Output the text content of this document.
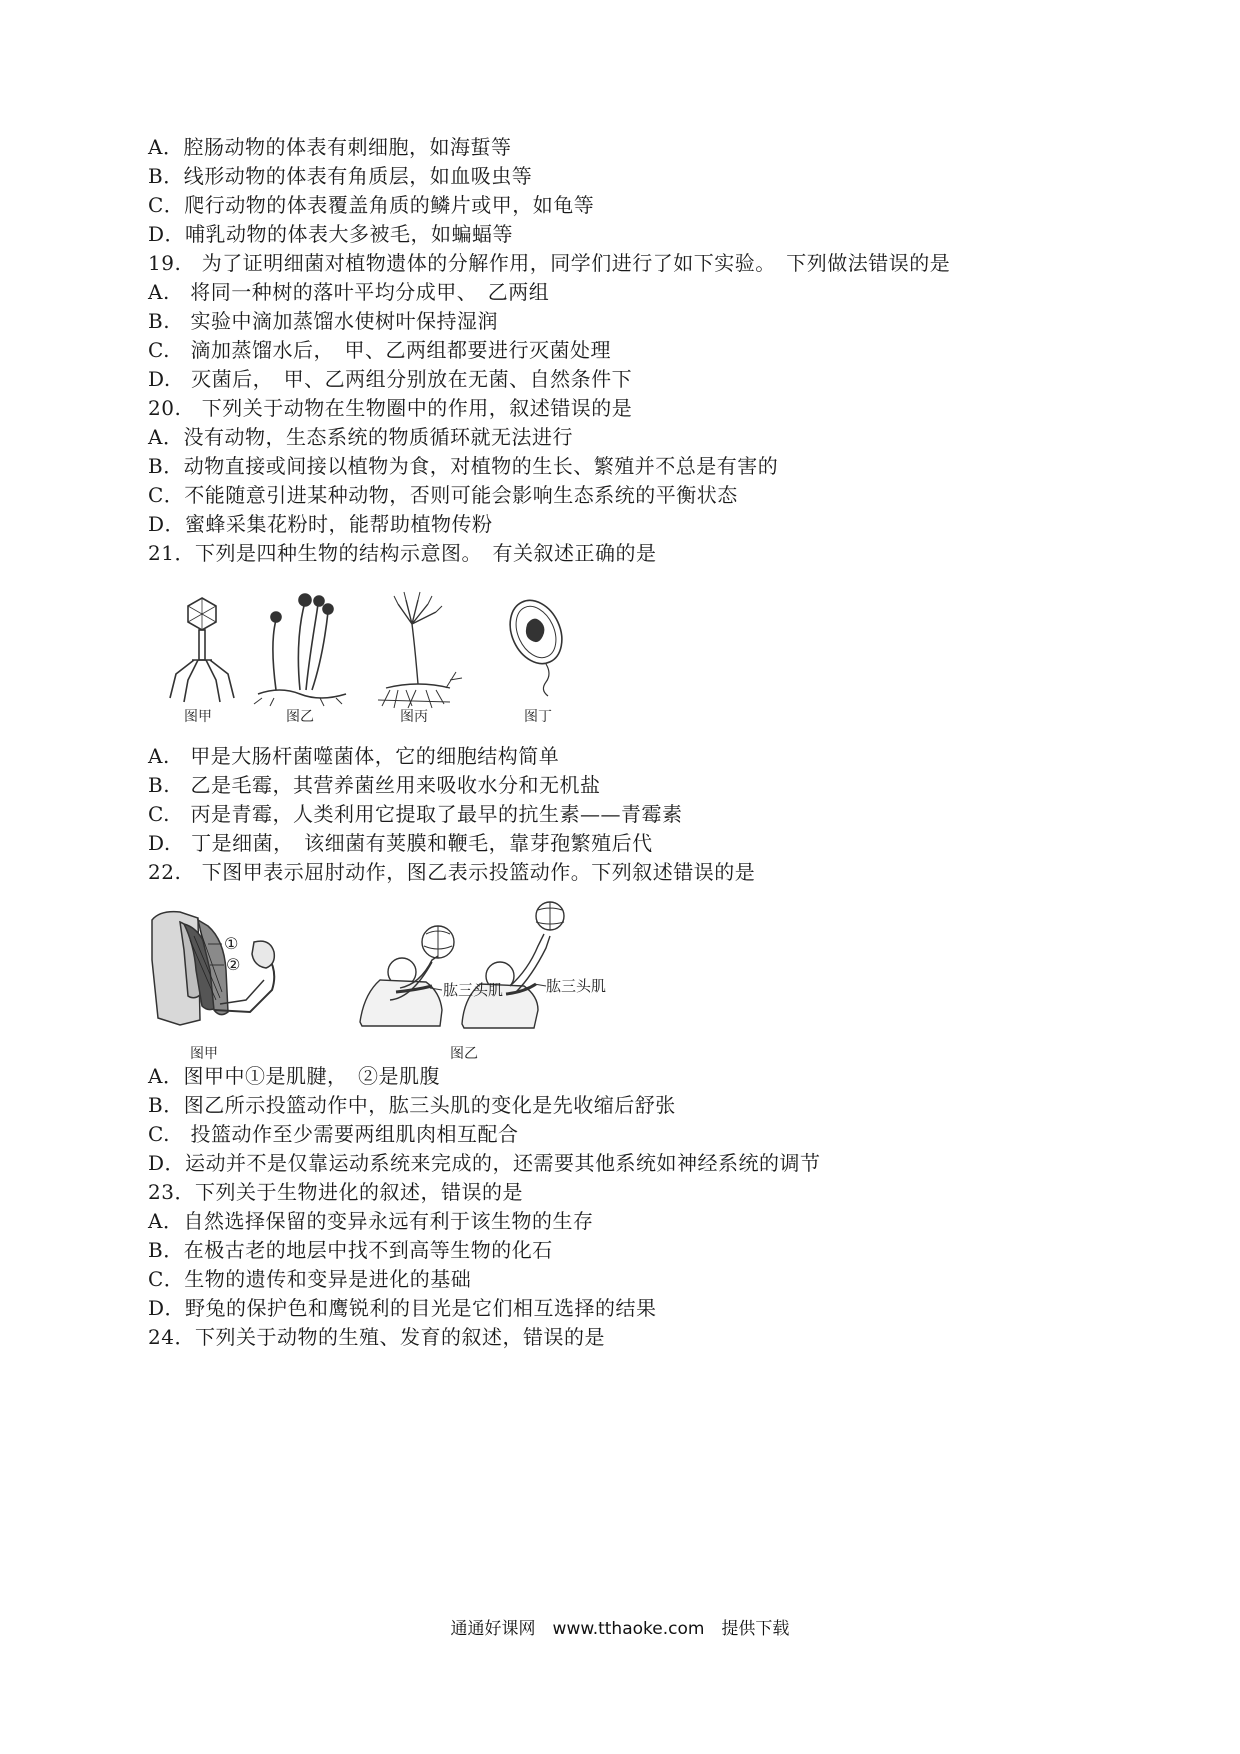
A．腔肠动物的体表有刺细胞，如海蜇等
B．线形动物的体表有角质层，如血吸虫等
C．爬行动物的体表覆盖角质的鳞片或甲，如龟等
D．哺乳动物的体表大多被毛，如蝙蝠等
19.　为了证明细菌对植物遗体的分解作用，同学们进行了如下实验。　下列做法错误的是
A.　将同一种树的落叶平均分成甲、　乙两组
B.　实验中滴加蒸馏水使树叶保持湿润
C.　滴加蒸馏水后，　甲、乙两组都要进行灭菌处理
D.　灭菌后，　甲、乙两组分别放在无菌、自然条件下
20.　下列关于动物在生物圈中的作用，叙述错误的是
A．没有动物，生态系统的物质循环就无法进行
B．动物直接或间接以植物为食，对植物的生长、繁殖并不总是有害的
C．不能随意引进某种动物，否则可能会影响生态系统的平衡状态
D．蜜蜂采集花粉时，能帮助植物传粉
21．下列是四种生物的结构示意图。　有关叙述正确的是
图甲	图乙	图丙	图丁
A.　甲是大肠杆菌噬菌体，它的细胞结构简单
B.　乙是毛霉，其营养菌丝用来吸收水分和无机盐
C.　丙是青霉，人类利用它提取了最早的抗生素——青霉素
D.　丁是细菌，　该细菌有荚膜和鞭毛，靠芽孢繁殖后代
22.　下图甲表示屈肘动作，图乙表示投篮动作。下列叙述错误的是
①
②
图甲
肱三头肌	肱三头肌
图乙
A．图甲中①是肌腱，　②是肌腹
B．图乙所示投篮动作中，肱三头肌的变化是先收缩后舒张
C.　投篮动作至少需要两组肌肉相互配合
D．运动并不是仅靠运动系统来完成的，还需要其他系统如神经系统的调节
23．下列关于生物进化的叙述，错误的是
A．自然选择保留的变异永远有利于该生物的生存
B．在极古老的地层中找不到高等生物的化石
C．生物的遗传和变异是进化的基础
D．野兔的保护色和鹰锐利的目光是它们相互选择的结果
24．下列关于动物的生殖、发育的叙述，错误的是
通通好课网　www.tthaoke.com　提供下载
